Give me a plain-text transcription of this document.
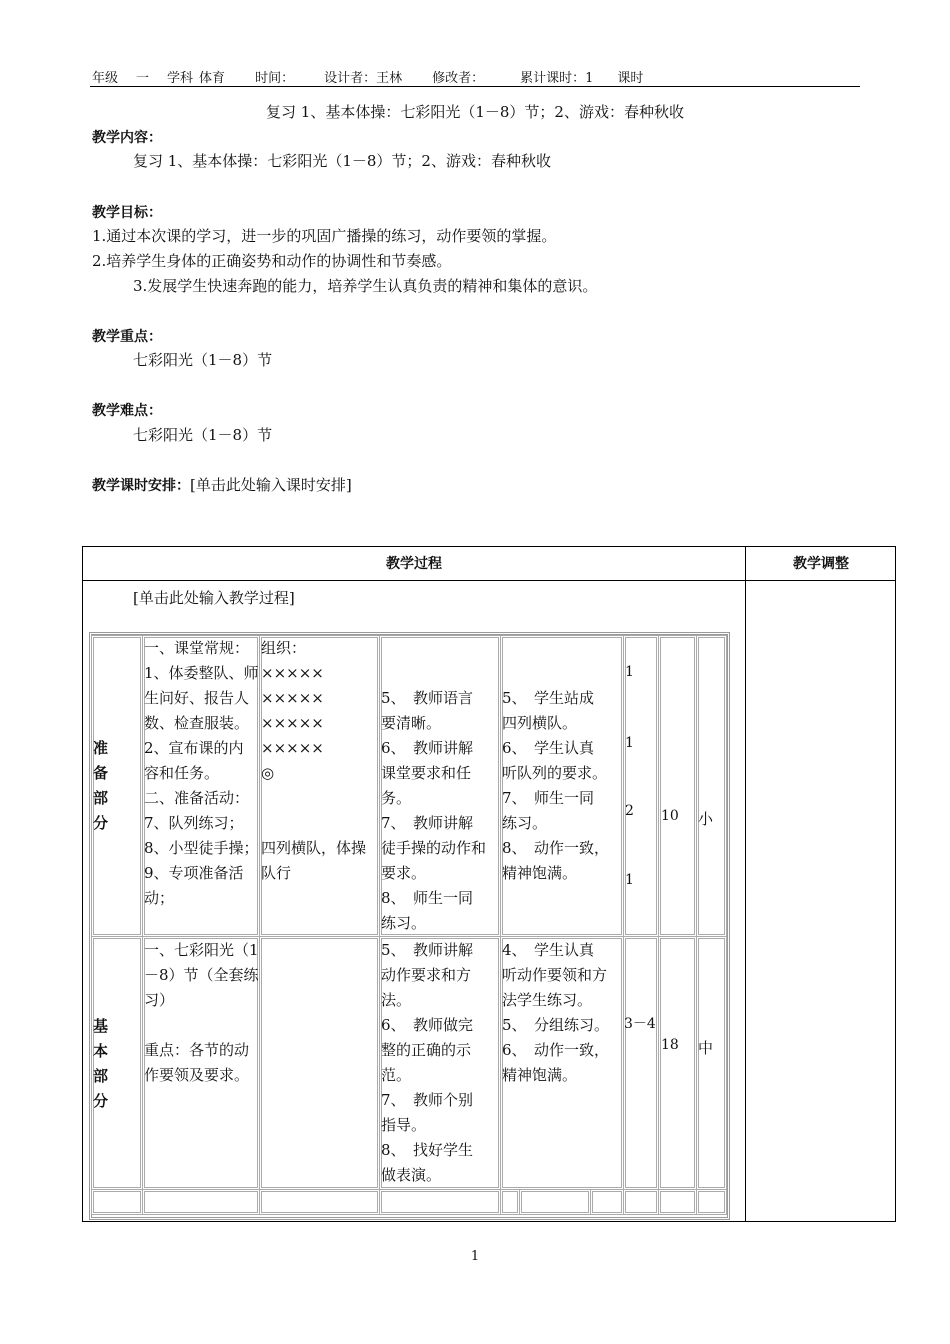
年级 一 学科 体育 时间： 设计者：王林 修改者：	累计课时：1 课时
复习 1、基本体操：七彩阳光（1－8）节；2、游戏：春种秋收
教学内容：
复习 1、基本体操：七彩阳光（1－8）节；2、游戏：春种秋收
教学目标：
1.通过本次课的学习，进一步的巩固广播操的练习，动作要领的掌握。
2.培养学生身体的正确姿势和动作的协调性和节奏感。
3.发展学生快速奔跑的能力，培养学生认真负责的精神和集体的意识。
教学重点：
七彩阳光（1－8）节
教学难点：
七彩阳光（1－8）节
教学课时安排：[单击此处输入课时安排]
教学过程	教学调整
[单击此处输入教学过程]
准
备
部
分
一、课堂常规：
1、体委整队、师
生问好、报告人
数、检查服装。
2、宣布课的内
容和任务。
二、准备活动：
7、队列练习；
8、小型徒手操；
9、专项准备活
动；
组织：
×××××
×××××
×××××
×××××
◎
四列横队，体操
队行
5、　教师语言
要清晰。
6、　教师讲解
课堂要求和任
务。
7、　教师讲解
徒手操的动作和
要求。
8、　师生一同
练习。
5、　学生站成
四列横队。
6、　学生认真
听队列的要求。
7、　师生一同
练习。
8、　动作一致，
精神饱满。
1
1
2
1
10 小
基
本
部
分
一、七彩阳光（1
－8）节（全套练
习）
重点：各节的动
作要领及要求。
5、　教师讲解
动作要求和方
法。
6、　教师做完
整的正确的示
范。
7、　教师个别
指导。
8、　找好学生
做表演。
4、　学生认真
听动作要领和方
法学生练习。
5、　分组练习。
6、　动作一致，
精神饱满。
3－4
18 中
1
